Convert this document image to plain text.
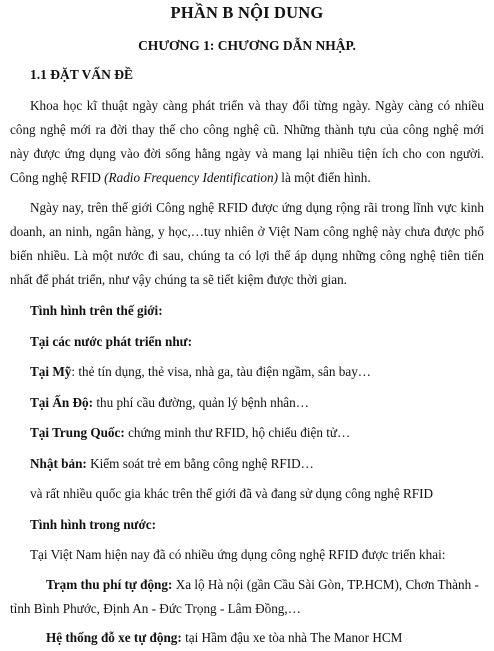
PHẦN B NỘI DUNG
CHƯƠNG 1: CHƯƠNG DẪN NHẬP.
1.1 ĐẶT VẤN ĐỀ

Khoa học kĩ thuật ngày càng phát triển và thay đổi từng ngày. Ngày càng có nhiều công nghệ mới ra đời thay thế cho công nghệ cũ. Những thành tựu của công nghệ mới này được ứng dụng vào đời sống hằng ngày và mang lại nhiều tiện ích cho con người. Công nghệ RFID (Radio Frequency Identification) là một điển hình.

Ngày nay, trên thế giới Công nghệ RFID được ứng dụng rộng rãi trong lĩnh vực kinh doanh, an ninh, ngân hàng, y học,…tuy nhiên ở Việt Nam công nghệ này chưa được phổ biến nhiều. Là một nước đi sau, chúng ta có lợi thế áp dụng những công nghệ tiên tiến nhất để phát triển, như vậy chúng ta sẽ tiết kiệm được thời gian.

Tình hình trên thế giới:
Tại các nước phát triển như:
Tại Mỹ: thẻ tín dụng, thẻ visa, nhà ga, tàu điện ngầm, sân bay…
Tại Ấn Độ: thu phí cầu đường, quản lý bệnh nhân…
Tại Trung Quốc: chứng minh thư RFID, hộ chiếu điện tử…
Nhật bản: Kiểm soát trẻ em bằng công nghệ RFID…
và rất nhiều quốc gia khác trên thế giới đã và đang sử dụng công nghệ RFID
Tình hình trong nước:
Tại Việt Nam hiện nay đã có nhiều ứng dụng công nghệ RFID được triển khai:

Trạm thu phí tự động: Xa lộ Hà nội (gần Cầu Sài Gòn, TP.HCM), Chơn Thành - tỉnh Bình Phước, Định An - Đức Trọng - Lâm Đồng,…

Hệ thống đỗ xe tự động: tại Hầm đậu xe tòa nhà The Manor HCM
